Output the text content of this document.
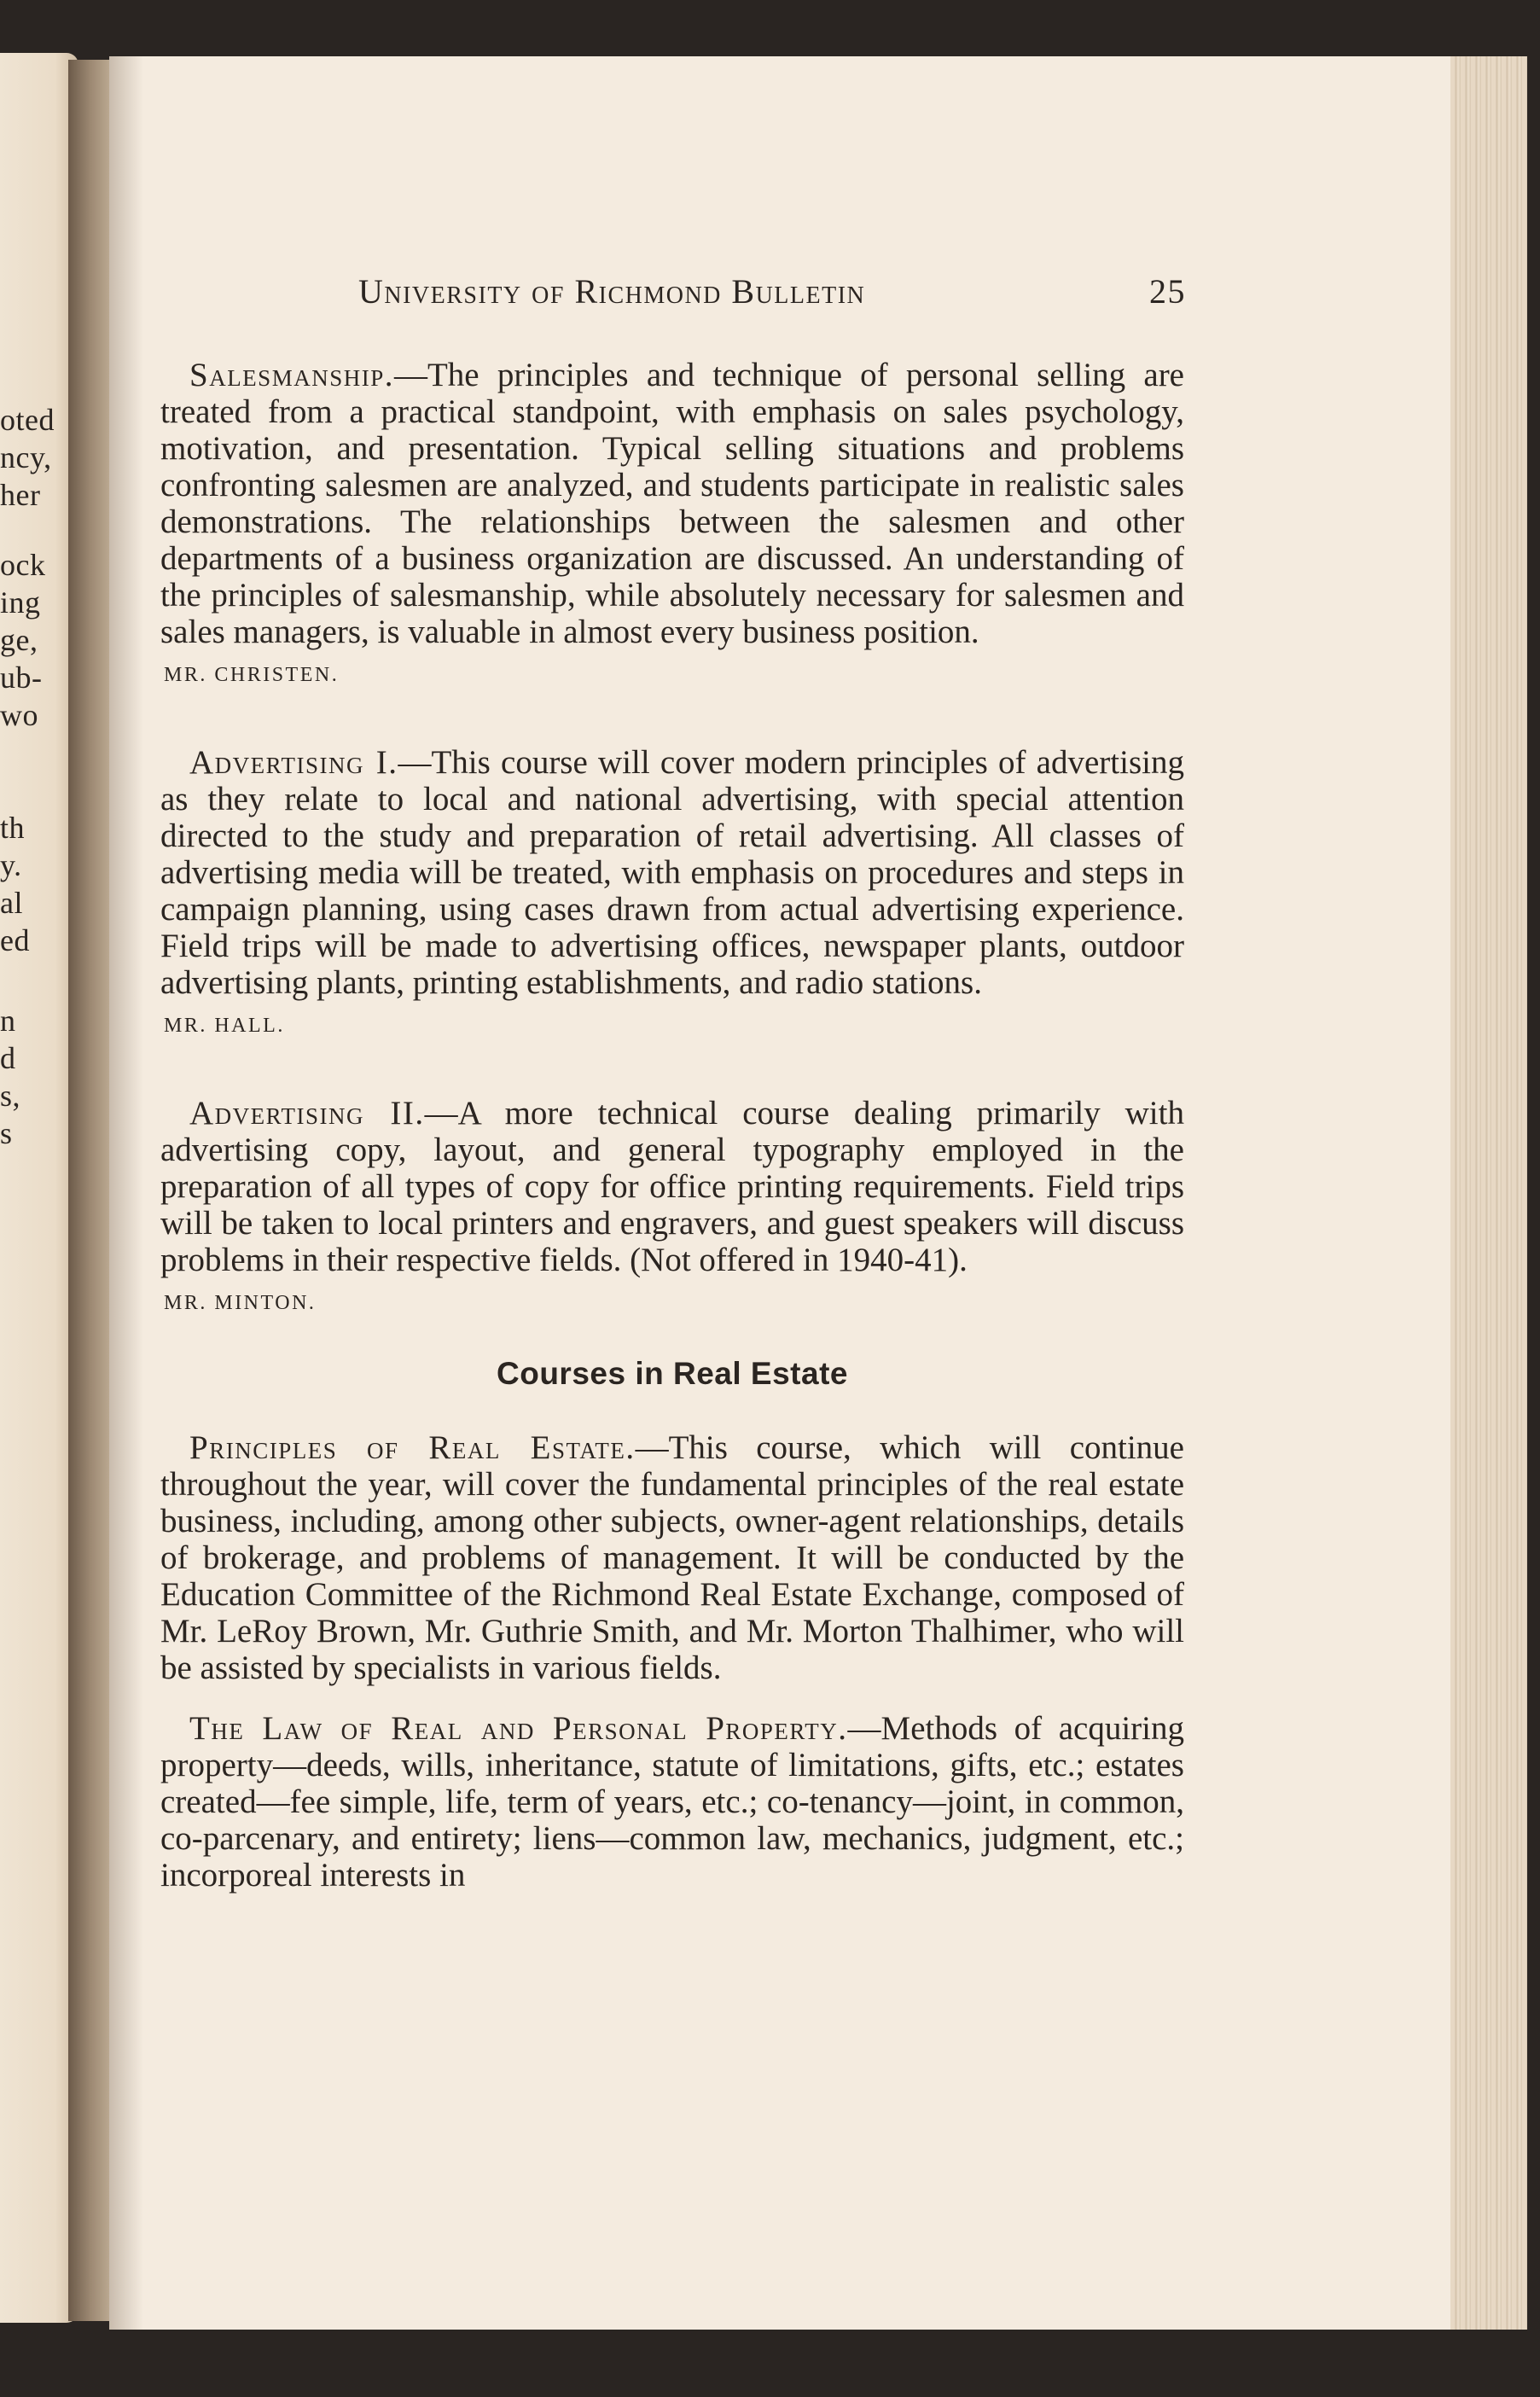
oted
ncy,
her
ock
ing
ge,
ub-
wo
th
y.
al
ed
n
d
s,
s
University of Richmond Bulletin	25

Salesmanship.—The principles and technique of personal selling are treated from a practical standpoint, with emphasis on sales psychology, motivation, and presentation. Typical selling situations and problems confronting salesmen are analyzed, and students participate in realistic sales demonstrations. The relationships between the salesmen and other departments of a business organization are discussed. An understanding of the principles of salesmanship, while absolutely necessary for salesmen and sales managers, is valuable in almost every business position.

MR. CHRISTEN.

Advertising I.—This course will cover modern principles of advertising as they relate to local and national advertising, with special attention directed to the study and preparation of retail advertising. All classes of advertising media will be treated, with emphasis on procedures and steps in campaign planning, using cases drawn from actual advertising experience. Field trips will be made to advertising offices, newspaper plants, outdoor advertising plants, printing establishments, and radio stations.

MR. HALL.

Advertising II.—A more technical course dealing primarily with advertising copy, layout, and general typography employed in the preparation of all types of copy for office printing requirements. Field trips will be taken to local printers and engravers, and guest speakers will discuss problems in their respective fields. (Not offered in 1940-41).

MR. MINTON.
Courses in Real Estate

Principles of Real Estate.—This course, which will continue throughout the year, will cover the fundamental principles of the real estate business, including, among other subjects, owner-agent relationships, details of brokerage, and problems of management. It will be conducted by the Education Committee of the Richmond Real Estate Exchange, composed of Mr. LeRoy Brown, Mr. Guthrie Smith, and Mr. Morton Thalhimer, who will be assisted by specialists in various fields.

The Law of Real and Personal Property.—Methods of acquiring property—deeds, wills, inheritance, statute of limitations, gifts, etc.; estates created—fee simple, life, term of years, etc.; co-tenancy—joint, in common, co-parcenary, and entirety; liens—common law, mechanics, judgment, etc.; incorporeal interests in
